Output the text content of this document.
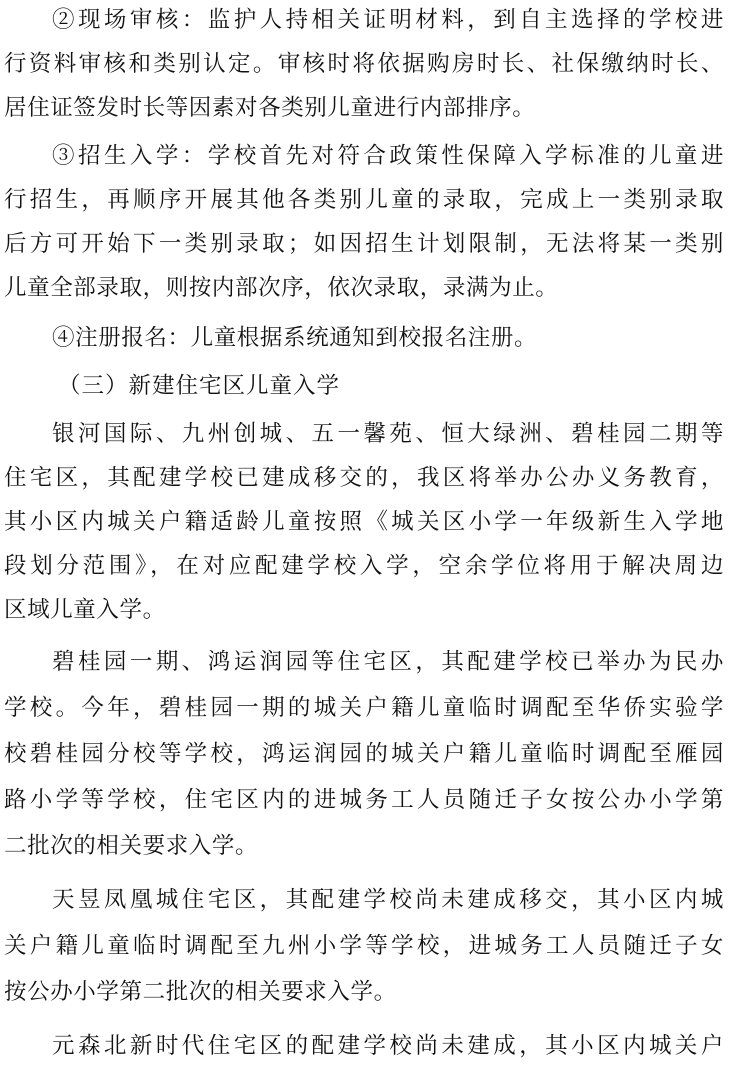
②现场审核：监护人持相关证明材料，到自主选择的学校进
行资料审核和类别认定。审核时将依据购房时长、社保缴纳时长、
居住证签发时长等因素对各类别儿童进行内部排序。
③招生入学：学校首先对符合政策性保障入学标准的儿童进
行招生，再顺序开展其他各类别儿童的录取，完成上一类别录取
后方可开始下一类别录取；如因招生计划限制，无法将某一类别
儿童全部录取，则按内部次序，依次录取，录满为止。
④注册报名：儿童根据系统通知到校报名注册。
（三）新建住宅区儿童入学
银河国际、九州创城、五一馨苑、恒大绿洲、碧桂园二期等
住宅区，其配建学校已建成移交的，我区将举办公办义务教育，
其小区内城关户籍适龄儿童按照《城关区小学一年级新生入学地
段划分范围》，在对应配建学校入学，空余学位将用于解决周边
区域儿童入学。
碧桂园一期、鸿运润园等住宅区，其配建学校已举办为民办
学校。今年，碧桂园一期的城关户籍儿童临时调配至华侨实验学
校碧桂园分校等学校，鸿运润园的城关户籍儿童临时调配至雁园
路小学等学校，住宅区内的进城务工人员随迁子女按公办小学第
二批次的相关要求入学。
天昱凤凰城住宅区，其配建学校尚未建成移交，其小区内城
关户籍儿童临时调配至九州小学等学校，进城务工人员随迁子女
按公办小学第二批次的相关要求入学。
元森北新时代住宅区的配建学校尚未建成，其小区内城关户
